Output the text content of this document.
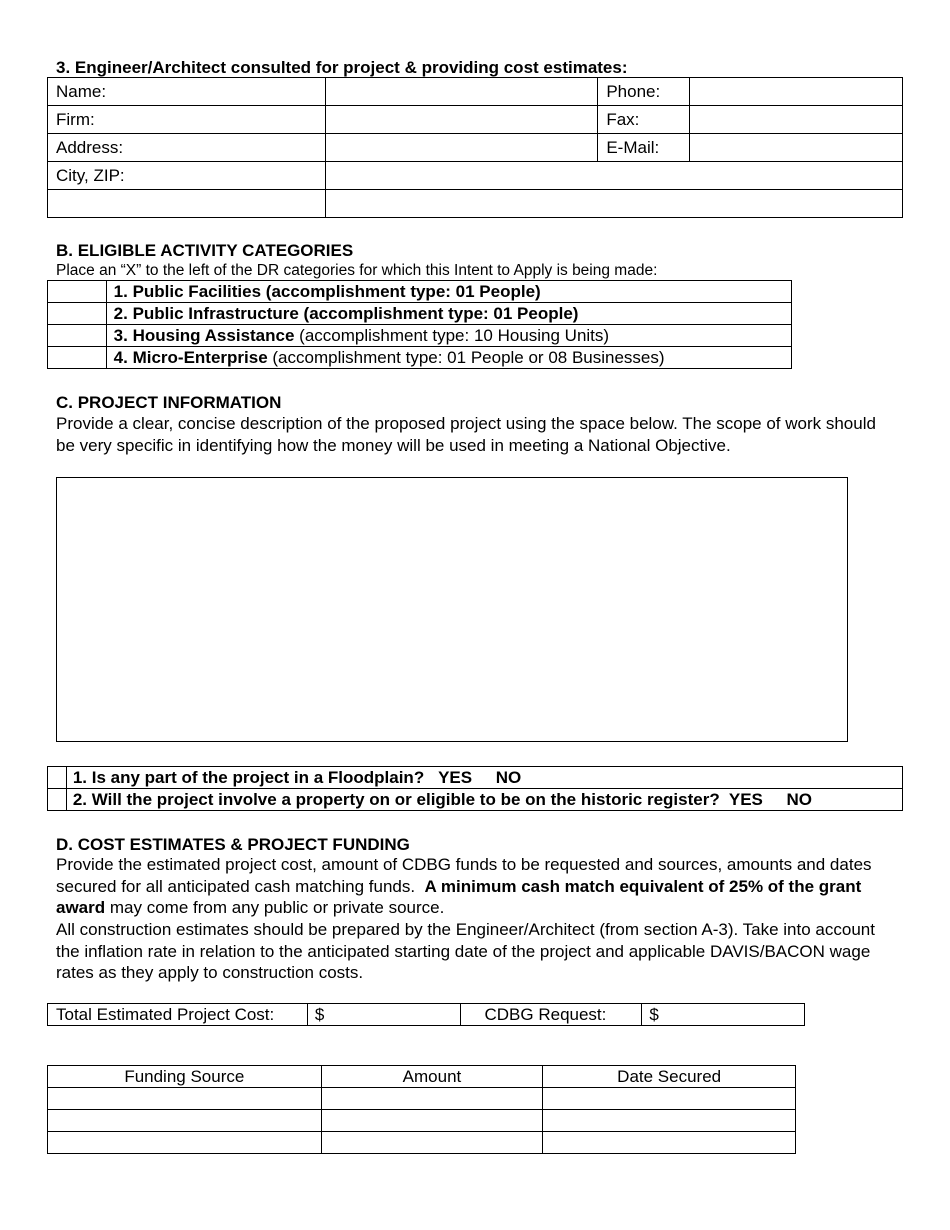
3. Engineer/Architect consulted for project & providing cost estimates:
Name:		Phone:	
Firm:		Fax:	
Address:		E-Mail:	
City, ZIP:	

B. ELIGIBLE ACTIVITY CATEGORIES
Place an “X” to the left of the DR categories for which this Intent to Apply is being made:
	1. Public Facilities (accomplishment type: 01 People)
	2. Public Infrastructure (accomplishment type: 01 People)
	3. Housing Assistance (accomplishment type: 10 Housing Units)
	4. Micro-Enterprise (accomplishment type: 01 People or 08 Businesses)
C. PROJECT INFORMATION
Provide a clear, concise description of the proposed project using the space below. The scope of work should be very specific in identifying how the money will be used in meeting a National Objective.
	1. Is any part of the project in a Floodplain?   YES     NO
	2. Will the project involve a property on or eligible to be on the historic register?  YES     NO
D. COST ESTIMATES & PROJECT FUNDING
Provide the estimated project cost, amount of CDBG funds to be requested and sources, amounts and dates secured for all anticipated cash matching funds.  A minimum cash match equivalent of 25% of the grant award may come from any public or private source.
All construction estimates should be prepared by the Engineer/Architect (from section A-3). Take into account the inflation rate in relation to the anticipated starting date of the project and applicable DAVIS/BACON wage rates as they apply to construction costs.
Total Estimated Project Cost:	$	CDBG Request:	$
Funding Source	Amount	Date Secured
